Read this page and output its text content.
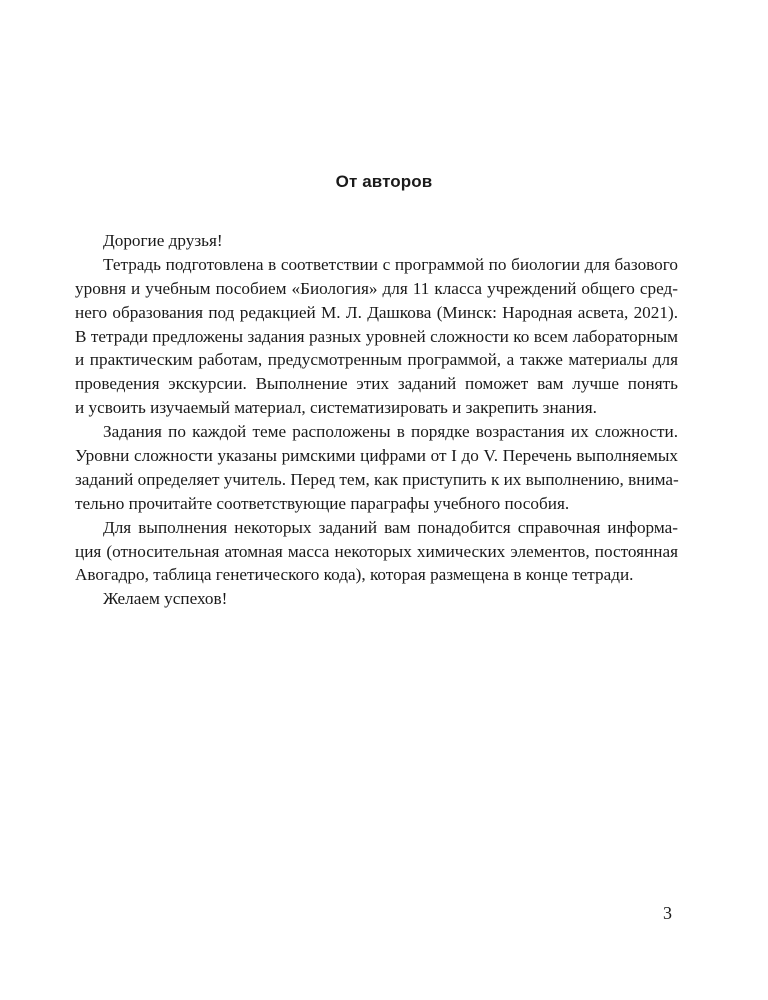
От авторов
Дорогие друзья!
Тетрадь подготовлена в соответствии с программой по биологии для базового
уровня и учебным пособием «Биология» для 11 класса учреждений общего сред-
него образования под редакцией М. Л. Дашкова (Минск: Народная асвета, 2021).
В тетради предложены задания разных уровней сложности ко всем лабораторным
и практическим работам, предусмотренным программой, а также материалы для
проведения экскурсии. Выполнение этих заданий поможет вам лучше понять
и усвоить изучаемый материал, систематизировать и закрепить знания.
Задания по каждой теме расположены в порядке возрастания их сложности.
Уровни сложности указаны римскими цифрами от I до V. Перечень выполняемых
заданий определяет учитель. Перед тем, как приступить к их выполнению, внима-
тельно прочитайте соответствующие параграфы учебного пособия.
Для выполнения некоторых заданий вам понадобится справочная информа-
ция (относительная атомная масса некоторых химических элементов, постоянная
Авогадро, таблица генетического кода), которая размещена в конце тетради.
Желаем успехов!
3
